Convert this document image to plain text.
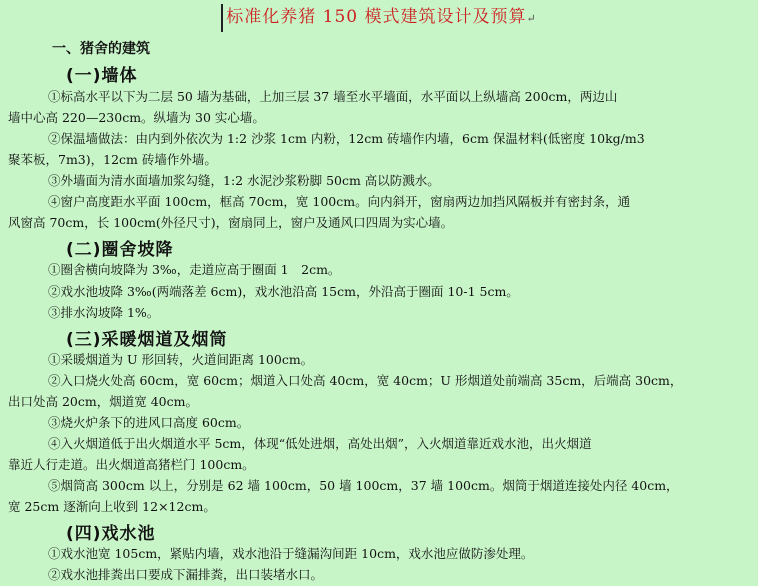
标准化养猪 150 模式建筑设计及预算↵
一、猪舍的建筑
(一)墙体
①标高水平以下为二层 50 墙为基础，上加三层 37 墙至水平墙面，水平面以上纵墙高 200cm，两边山
墙中心高 220—230cm。纵墙为 30 实心墙。
②保温墙做法：由内到外依次为 1:2 沙浆 1cm 内粉，12cm 砖墙作内墙，6cm 保温材料(低密度 10kg/m3
聚苯板，7m3)，12cm 砖墙作外墙。
③外墙面为清水面墙加浆勾缝，1:2 水泥沙浆粉脚 50cm 高以防溅水。
④窗户高度距水平面 100cm，框高 70cm，宽 100cm。向内斜开，窗扇两边加挡风隔板并有密封条，通
风窗高 70cm，长 100cm(外径尺寸)，窗扇同上，窗户及通风口四周为实心墙。
(二)圈舍坡降
①圈舍横向坡降为 3‰，走道应高于圈面 1　2cm。
②戏水池坡降 3‰(两端落差 6cm)，戏水池沿高 15cm，外沿高于圈面 10-1 5cm。
③排水沟坡降 1%。
(三)采暖烟道及烟筒
①采暖烟道为 U 形回转，火道间距离 100cm。
②入口烧火处高 60cm，宽 60cm；烟道入口处高 40cm，宽 40cm；U 形烟道处前端高 35cm，后端高 30cm，
出口处高 20cm，烟道宽 40cm。
③烧火炉条下的进风口高度 60cm。
④入火烟道低于出火烟道水平 5cm，体现“低处进烟，高处出烟”，入火烟道靠近戏水池，出火烟道
靠近人行走道。出火烟道高猪栏门 100cm。
⑤烟筒高 300cm 以上，分别是 62 墙 100cm，50 墙 100cm，37 墙 100cm。烟筒于烟道连接处内径 40cm，
宽 25cm 逐渐向上收到 12×12cm。
(四)戏水池
①戏水池宽 105cm，紧贴内墙，戏水池沿于缝漏沟间距 10cm，戏水池应做防渗处理。
②戏水池排粪出口要成下漏排粪，出口装堵水口。
